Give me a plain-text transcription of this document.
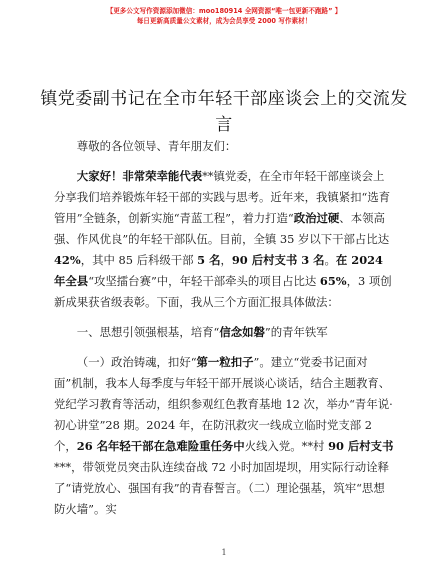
【更多公文写作资源添加微信：moo180914 全网资源“唯一包更新不跑路” 】
每日更新高质量公文素材，成为会员享受 2000 写作素材！
镇党委副书记在全市年轻干部座谈会上的交流发言

尊敬的各位领导、青年朋友们：

大家好！非常荣幸能代表**镇党委，在全市年轻干部座谈会上分享我们培养锻炼年轻干部的实践与思考。近年来，我镇紧扣“选育管用”全链条，创新实施“青蓝工程”，着力打造“政治过硬、本领高强、作风优良”的年轻干部队伍。目前，全镇 35 岁以下干部占比达 42%，其中 85 后科级干部 5 名，90 后村支书 3 名。在 2024 年全县“攻坚擂台赛”中，年轻干部牵头的项目占比达 65%，3 项创新成果获省级表彰。下面，我从三个方面汇报具体做法：

一、思想引领强根基，培育“信念如磐”的青年铁军

（一）政治铸魂，扣好“第一粒扣子”。建立“党委书记面对面”机制，我本人每季度与年轻干部开展谈心谈话，结合主题教育、党纪学习教育等活动，组织参观红色教育基地 12 次，举办“青年说·初心讲堂”28 期。2024 年，在防汛救灾一线成立临时党支部 2 个，26 名年轻干部在急难险重任务中火线入党。**村 90 后村支书***，带领党员突击队连续奋战 72 小时加固堤坝，用实际行动诠释了“请党放心、强国有我”的青春誓言。（二）理论强基，筑牢“思想防火墙”。实

1
